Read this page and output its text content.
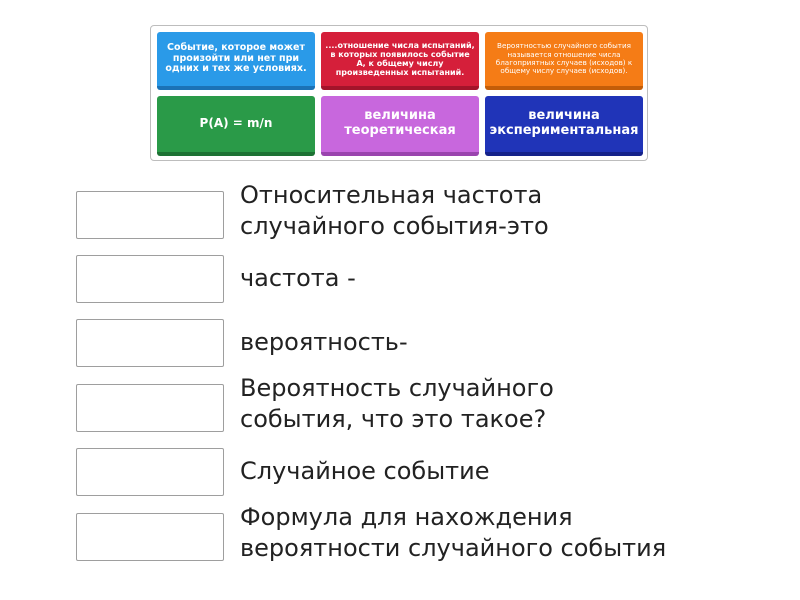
Событие, которое может произойти или нет при одних и тех же условиях.
....отношение числа испытаний, в которых появилось событие А, к общему числу произведенных испытаний.
Вероятностью случайного события называется отношение числа благоприятных случаев (исходов) к общему числу случаев (исходов).
P(A) = m/n
величина теоретическая
величина экспериментальная
Относительная частота
случайного события-это
частота -
вероятность-
Вероятность случайного
события, что это такое?
Случайное событие
Формула для нахождения
вероятности случайного события
